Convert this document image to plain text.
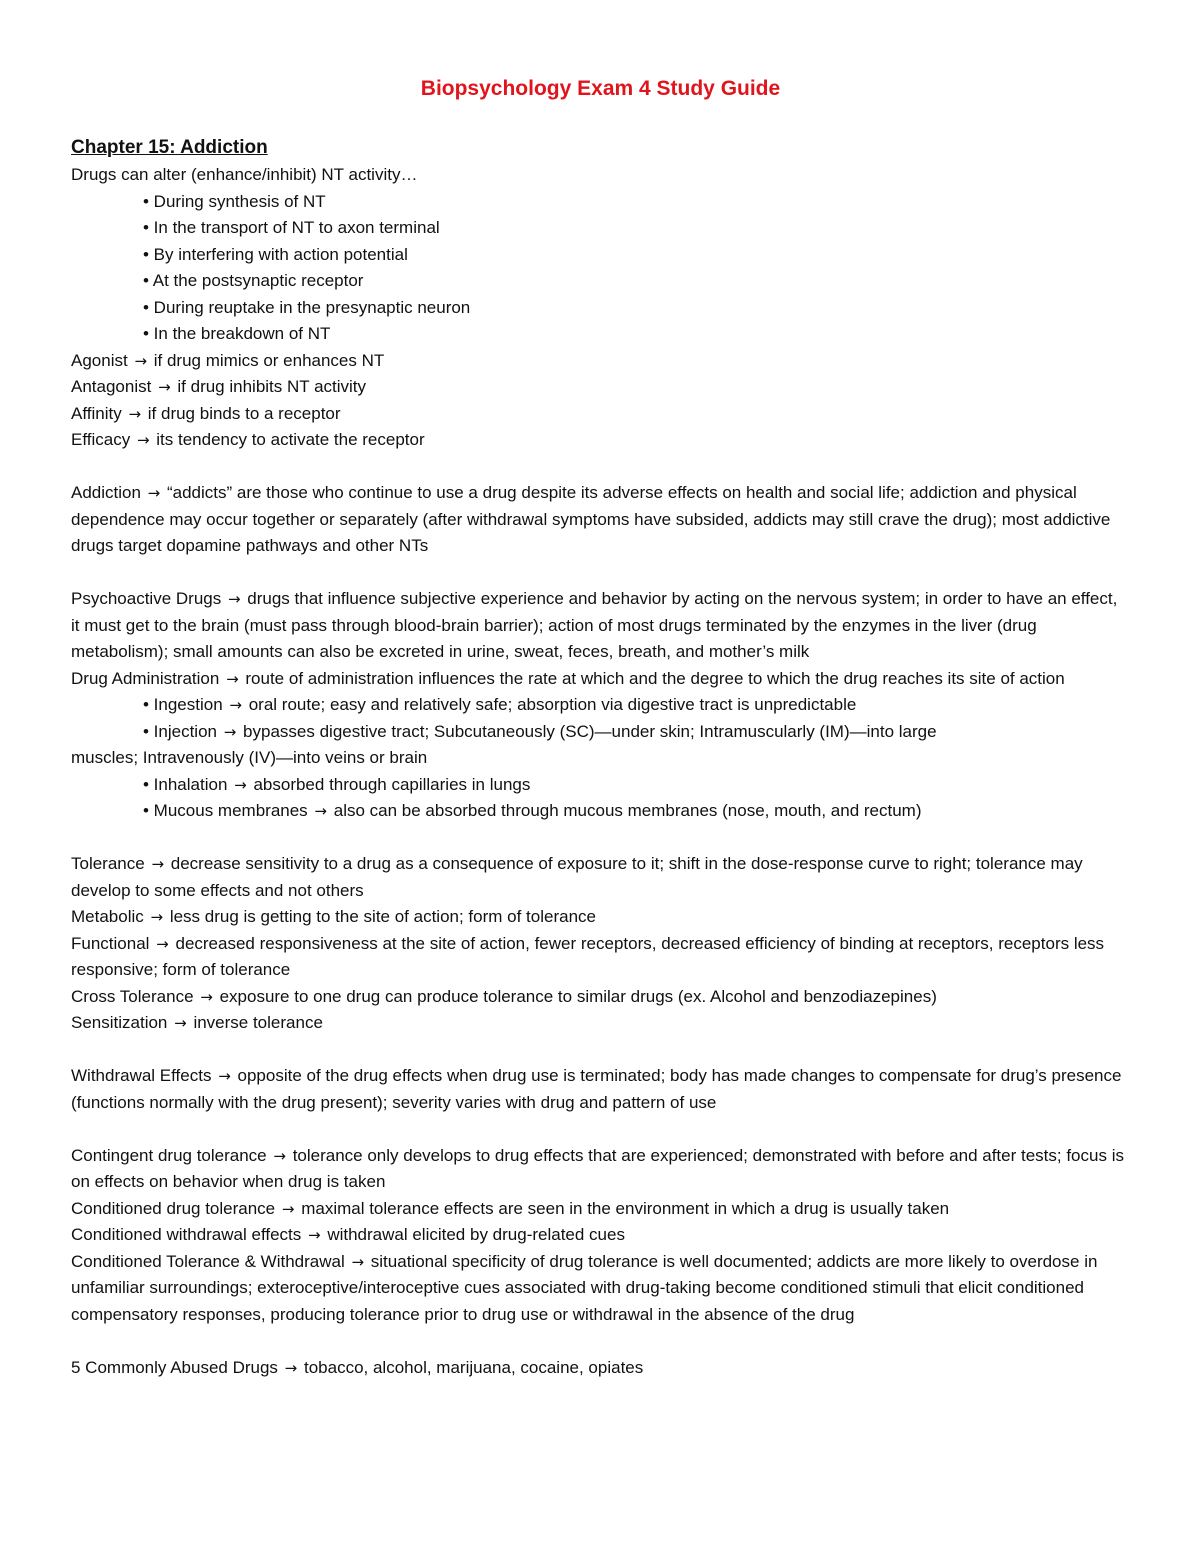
Biopsychology Exam 4 Study Guide

Chapter 15: Addiction

Drugs can alter (enhance/inhibit) NT activity…

• During synthesis of NT

• In the transport of NT to axon terminal

• By interfering with action potential

• At the postsynaptic receptor

• During reuptake in the presynaptic neuron

• In the breakdown of NT

Agonist → if drug mimics or enhances NT

Antagonist → if drug inhibits NT activity

Affinity → if drug binds to a receptor

Efficacy → its tendency to activate the receptor

Addiction → “addicts” are those who continue to use a drug despite its adverse effects on health and social life; addiction and physical dependence may occur together or separately (after withdrawal symptoms have subsided, addicts may still crave the drug); most addictive drugs target dopamine pathways and other NTs

Psychoactive Drugs → drugs that influence subjective experience and behavior by acting on the nervous system; in order to have an effect, it must get to the brain (must pass through blood-brain barrier); action of most drugs terminated by the enzymes in the liver (drug metabolism); small amounts can also be excreted in urine, sweat, feces, breath, and mother’s milk

Drug Administration → route of administration influences the rate at which and the degree to which the drug reaches its site of action

• Ingestion → oral route; easy and relatively safe; absorption via digestive tract is unpredictable

• Injection → bypasses digestive tract; Subcutaneously (SC)—under skin; Intramuscularly (IM)—into large

muscles; Intravenously (IV)—into veins or brain

• Inhalation → absorbed through capillaries in lungs

• Mucous membranes → also can be absorbed through mucous membranes (nose, mouth, and rectum)

Tolerance → decrease sensitivity to a drug as a consequence of exposure to it; shift in the dose-response curve to right; tolerance may develop to some effects and not others

Metabolic → less drug is getting to the site of action; form of tolerance

Functional → decreased responsiveness at the site of action, fewer receptors, decreased efficiency of binding at receptors, receptors less responsive; form of tolerance

Cross Tolerance → exposure to one drug can produce tolerance to similar drugs (ex. Alcohol and benzodiazepines)

Sensitization → inverse tolerance

Withdrawal Effects → opposite of the drug effects when drug use is terminated; body has made changes to compensate for drug’s presence (functions normally with the drug present); severity varies with drug and pattern of use

Contingent drug tolerance → tolerance only develops to drug effects that are experienced; demonstrated with before and after tests; focus is on effects on behavior when drug is taken

Conditioned drug tolerance → maximal tolerance effects are seen in the environment in which a drug is usually taken

Conditioned withdrawal effects → withdrawal elicited by drug-related cues

Conditioned Tolerance & Withdrawal → situational specificity of drug tolerance is well documented; addicts are more likely to overdose in unfamiliar surroundings; exteroceptive/interoceptive cues associated with drug-taking become conditioned stimuli that elicit conditioned compensatory responses, producing tolerance prior to drug use or withdrawal in the absence of the drug

5 Commonly Abused Drugs → tobacco, alcohol, marijuana, cocaine, opiates
